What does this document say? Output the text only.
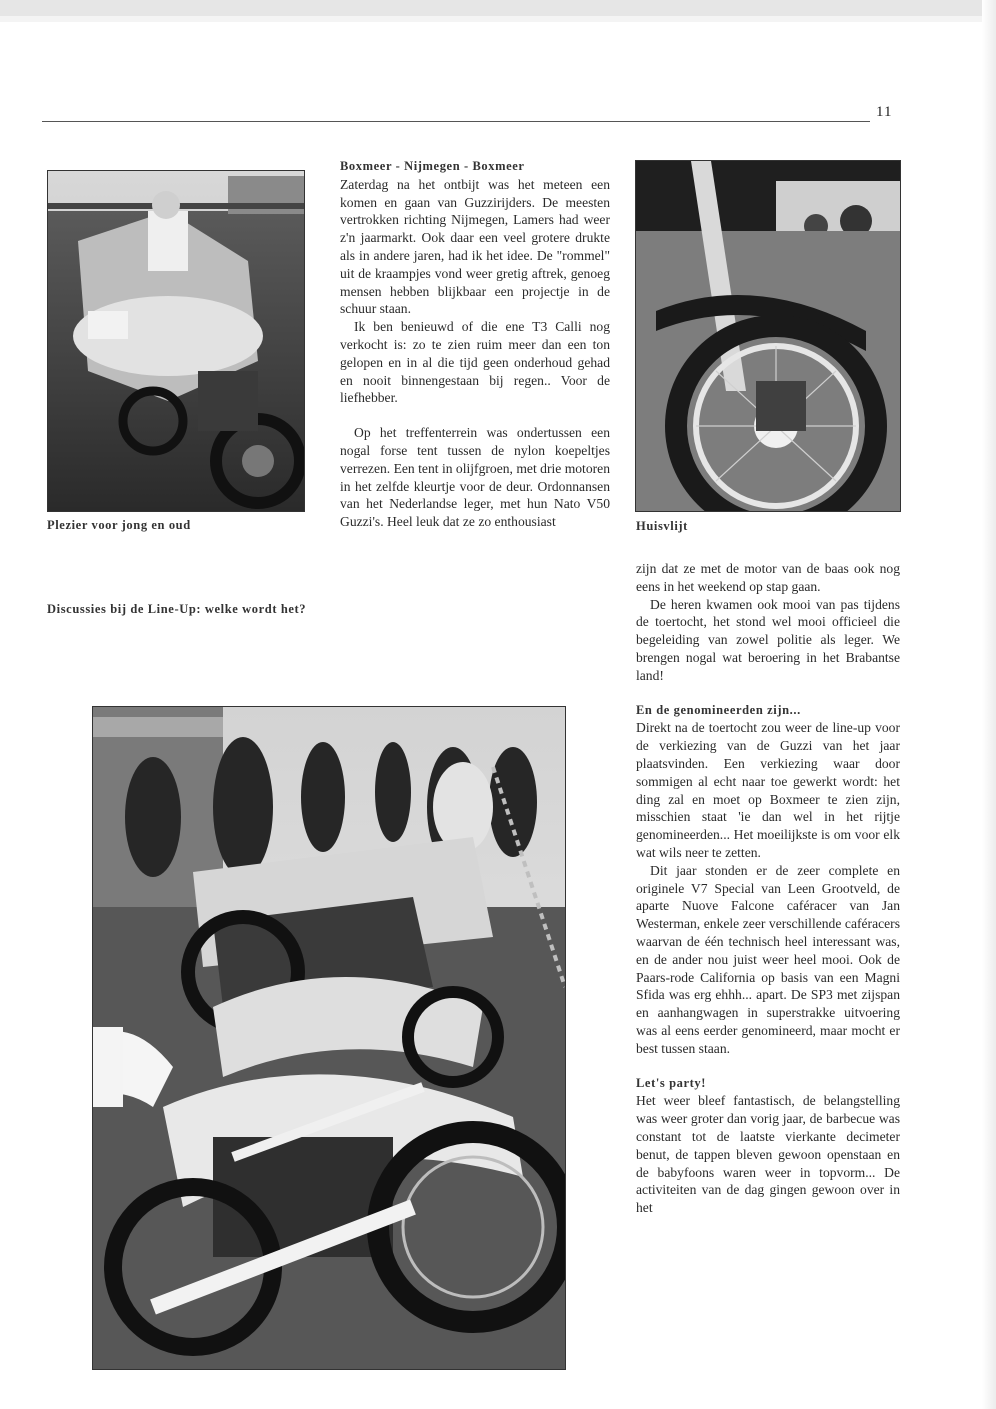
11
Plezier voor jong en oud
Discussies bij de Line-Up: welke wordt het?
Huisvlijt

Boxmeer - Nijmegen - Boxmeer

Zaterdag na het ontbijt was het meteen een komen en gaan van Guzzirijders. De meesten vertrokken richting Nijmegen, Lamers had weer z'n jaarmarkt. Ook daar een veel grotere drukte als in andere jaren, had ik het idee. De "rommel" uit de kraampjes vond weer gretig aftrek, genoeg mensen hebben blijkbaar een projectje in de schuur staan.

Ik ben benieuwd of die ene T3 Calli nog verkocht is: zo te zien ruim meer dan een ton gelopen en in al die tijd geen onderhoud gehad en nooit binnengestaan bij regen.. Voor de liefhebber.

Op het treffenterrein was ondertussen een nogal forse tent tussen de nylon koepeltjes verrezen. Een tent in olijfgroen, met drie motoren in het zelfde kleurtje voor de deur. Ordonnansen van het Nederlandse leger, met hun Nato V50 Guzzi's. Heel leuk dat ze zo enthousiast

zijn dat ze met de motor van de baas ook nog eens in het weekend op stap gaan.

De heren kwamen ook mooi van pas tijdens de toertocht, het stond wel mooi officieel die begeleiding van zowel politie als leger. We brengen nogal wat beroering in het Brabantse land!

En de genomineerden zijn...

Direkt na de toertocht zou weer de line-up voor de verkiezing van de Guzzi van het jaar plaatsvinden. Een verkiezing waar door sommigen al echt naar toe gewerkt wordt: het ding zal en moet op Boxmeer te zien zijn, misschien staat 'ie dan wel in het rijtje genomineerden... Het moeilijkste is om voor elk wat wils neer te zetten.

Dit jaar stonden er de zeer complete en originele V7 Special van Leen Grootveld, de aparte Nuove Falcone caféracer van Jan Westerman, enkele zeer verschillende caféracers waarvan de één technisch heel interessant was, en de ander nou juist weer heel mooi. Ook de Paars-rode California op basis van een Magni Sfida was erg ehhh... apart. De SP3 met zijspan en aanhangwagen in superstrakke uitvoering was al eens eerder genomineerd, maar mocht er best tussen staan.

Let's party!

Het weer bleef fantastisch, de belangstelling was weer groter dan vorig jaar, de barbecue was constant tot de laatste vierkante decimeter benut, de tappen bleven gewoon openstaan en de babyfoons waren weer in topvorm... De activiteiten van de dag gingen gewoon over in het
